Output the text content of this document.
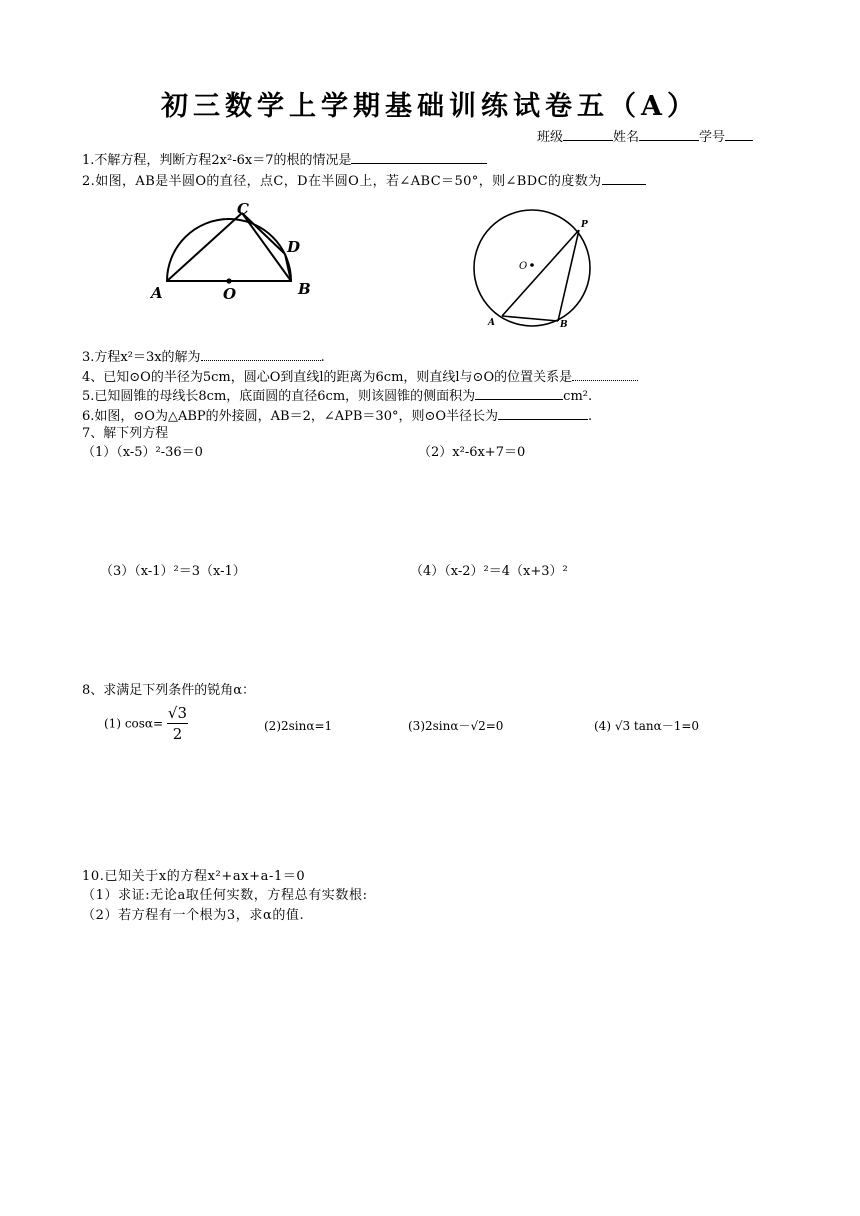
初三数学上学期基础训练试卷五（A）
班级	姓名	学号
1.不解方程，判断方程2x²-6x＝7的根的情况是
2.如图，AB是半圆O的直径，点C，D在半圆O上，若∠ABC＝50°，则∠BDC的度数为
A	O	B
C
D
O
P
A	B
3.方程x²＝3x的解为	.
4、已知⊙O的半径为5cm，圆心O到直线l的距离为6cm，则直线l与⊙O的位置关系是
5.已知圆锥的母线长8cm，底面圆的直径6cm，则该圆锥的侧面积为	cm².
6.如图，⊙O为△ABP的外接圆，AB＝2，∠APB＝30°，则⊙O半径长为	.
7、解下列方程
（1）（x-5）²-36＝0	（2）x²-6x+7＝0
（3）（x-1）²＝3（x-1）	（4）（x-2）²＝4（x+3）²
8、求满足下列条件的锐角α：
(1) $\cos\alpha= \frac{√3}{2}$	(2)2sinα=1	(3)2sinα－√2=0	(4) √3 tanα－1=0
10.已知关于x的方程x²+ax+a-1＝0
（1）求证:无论a取任何实数，方程总有实数根:
（2）若方程有一个根为3，求α的值.
